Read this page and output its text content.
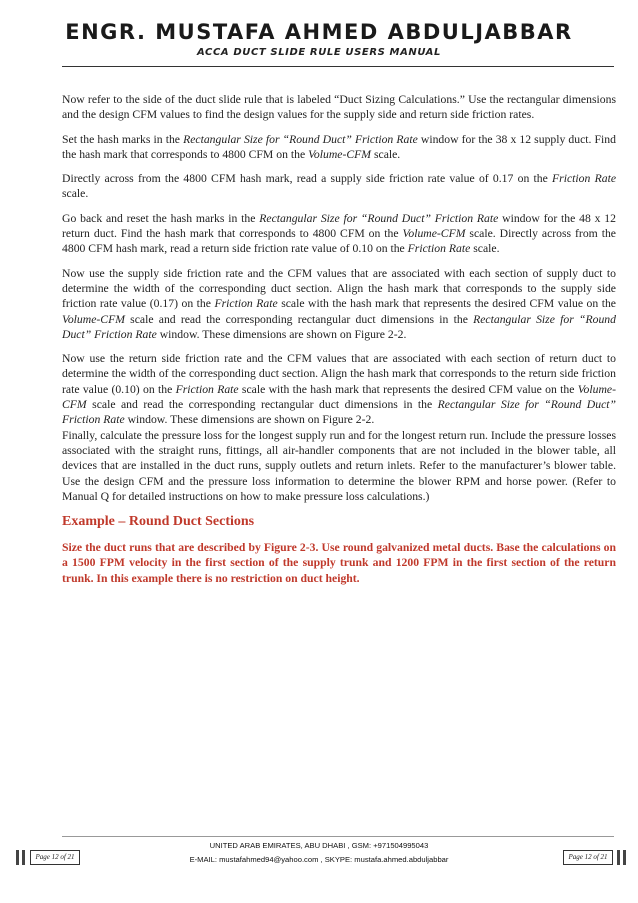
ENGR. MUSTAFA AHMED ABDULJABBAR
ACCA DUCT SLIDE RULE USERS MANUAL

Now refer to the side of the duct slide rule that is labeled “Duct Sizing Calculations.” Use the rectangular dimensions and the design CFM values to find the design values for the supply side and return side friction rates.

Set the hash marks in the Rectangular Size for “Round Duct” Friction Rate window for the 38 x 12 supply duct. Find the hash mark that corresponds to 4800 CFM on the Volume-CFM scale.

Directly across from the 4800 CFM hash mark, read a supply side friction rate value of 0.17 on the Friction Rate scale.

Go back and reset the hash marks in the Rectangular Size for “Round Duct” Friction Rate window for the 48 x 12 return duct. Find the hash mark that corresponds to 4800 CFM on the Volume-CFM scale. Directly across from the 4800 CFM hash mark, read a return side friction rate value of 0.10 on the Friction Rate scale.

Now use the supply side friction rate and the CFM values that are associated with each section of supply duct to determine the width of the corresponding duct section. Align the hash mark that corresponds to the supply side friction rate value (0.17) on the Friction Rate scale with the hash mark that represents the desired CFM value on the Volume-CFM scale and read the corresponding rectangular duct dimensions in the Rectangular Size for “Round Duct” Friction Rate window. These dimensions are shown on Figure 2-2.

Now use the return side friction rate and the CFM values that are associated with each section of return duct to determine the width of the corresponding duct section. Align the hash mark that corresponds to the return side friction rate value (0.10) on the Friction Rate scale with the hash mark that represents the desired CFM value on the Volume-CFM scale and read the corresponding rectangular duct dimensions in the Rectangular Size for “Round Duct” Friction Rate window. These dimensions are shown on Figure 2-2.

Finally, calculate the pressure loss for the longest supply run and for the longest return run. Include the pressure losses associated with the straight runs, fittings, all air-handler components that are not included in the blower table, all devices that are installed in the duct runs, supply outlets and return inlets. Refer to the manufacturer’s blower table. Use the design CFM and the pressure loss information to determine the blower RPM and horse power. (Refer to Manual Q for detailed instructions on how to make pressure loss calculations.)

Example – Round Duct Sections

Size the duct runs that are described by Figure 2-3. Use round galvanized metal ducts. Base the calculations on a 1500 FPM velocity in the first section of the supply trunk and 1200 FPM in the first section of the return trunk. In this example there is no restriction on duct height.

UNITED ARAB EMIRATES, ABU DHABI , GSM: +971504995043
E-MAIL: mustafahmed94@yahoo.com , SKYPE: mustafa.ahmed.abduljabbar
Page 12 of 21	Page 12 of 21
